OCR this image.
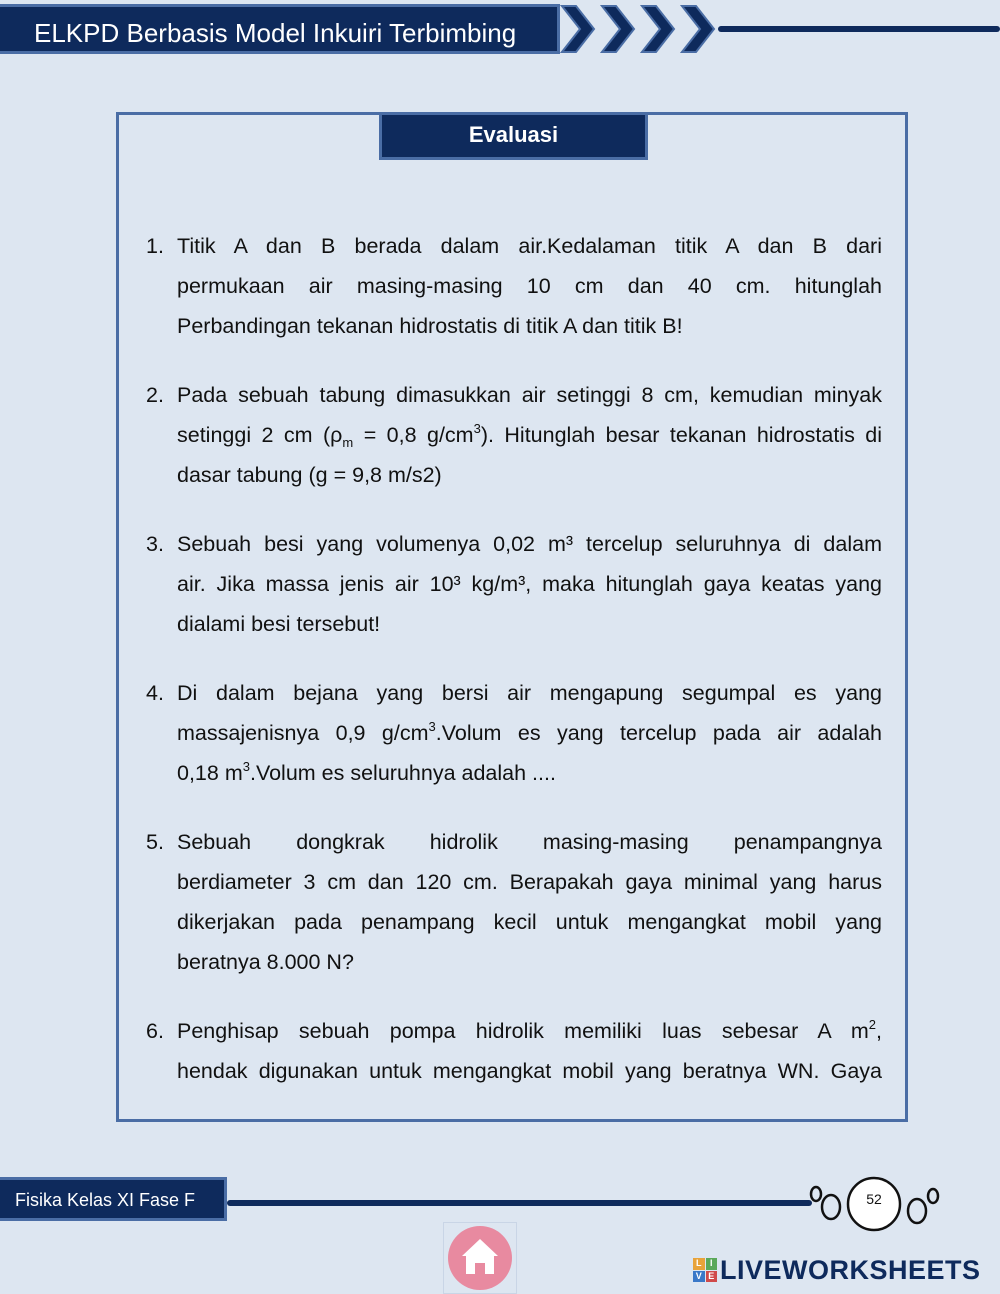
ELKPD Berbasis Model Inkuiri Terbimbing
Evaluasi
1. Titik A dan B berada dalam air.Kedalaman titik A dan B dari
permukaan air masing-masing 10 cm dan 40 cm. hitunglah
Perbandingan tekanan hidrostatis di titik A dan titik B!
2. Pada sebuah tabung dimasukkan air setinggi 8 cm, kemudian minyak
setinggi 2 cm ($\rho_m = 0,8$ $g/cm^3$). Hitunglah besar tekanan hidrostatis di
dasar tabung (g = 9,8 m/s2)
3. Sebuah besi yang volumenya 0,02 m³ tercelup seluruhnya di dalam
air. Jika massa jenis air 10³ kg/m³, maka hitunglah gaya keatas yang
dialami besi tersebut!
4. Di dalam bejana yang bersi air mengapung segumpal es yang
massajenisnya 0,9 $g/cm^3.Volum$ es yang tercelup pada air adalah
0,18 $m^3.Volum$ es seluruhnya adalah ....
5. Sebuah dongkrak hidrolik masing-masing penampangnya
berdiameter 3 cm dan 120 cm. Berapakah gaya minimal yang harus
dikerjakan pada penampang kecil untuk mengangkat mobil yang
beratnya 8.000 N?
6. Penghisap sebuah pompa hidrolik memiliki luas sebesar A $m^2$,
hendak digunakan untuk mengangkat mobil yang beratnya WN. Gaya
Fisika Kelas XI Fase F	52
L I
V E LIVEWORKSHEETS
